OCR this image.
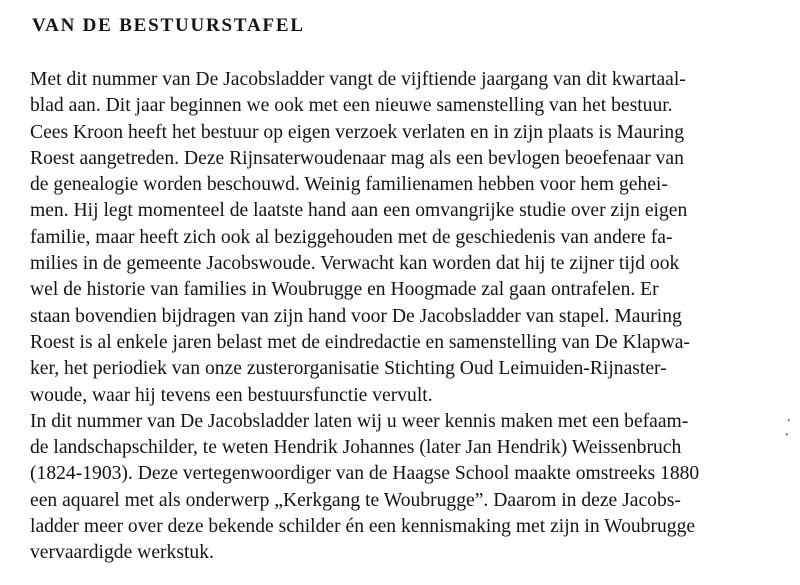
VAN DE BESTUURSTAFEL
Met dit nummer van De Jacobsladder vangt de vijftiende jaargang van dit kwartaal-
blad aan. Dit jaar beginnen we ook met een nieuwe samenstelling van het bestuur.
Cees Kroon heeft het bestuur op eigen verzoek verlaten en in zijn plaats is Mauring
Roest aangetreden. Deze Rijnsaterwoudenaar mag als een bevlogen beoefenaar van
de genealogie worden beschouwd. Weinig familienamen hebben voor hem gehei-
men. Hij legt momenteel de laatste hand aan een omvangrijke studie over zijn eigen
familie, maar heeft zich ook al beziggehouden met de geschiedenis van andere fa-
milies in de gemeente Jacobswoude. Verwacht kan worden dat hij te zijner tijd ook
wel de historie van families in Woubrugge en Hoogmade zal gaan ontrafelen. Er
staan bovendien bijdragen van zijn hand voor De Jacobsladder van stapel. Mauring
Roest is al enkele jaren belast met de eindredactie en samenstelling van De Klapwa-
ker, het periodiek van onze zusterorganisatie Stichting Oud Leimuiden-Rijnaster-
woude, waar hij tevens een bestuursfunctie vervult.
In dit nummer van De Jacobsladder laten wij u weer kennis maken met een befaam-
de landschapschilder, te weten Hendrik Johannes (later Jan Hendrik) Weissenbruch
(1824-1903). Deze vertegenwoordiger van de Haagse School maakte omstreeks 1880
een aquarel met als onderwerp „Kerkgang te Woubrugge”. Daarom in deze Jacobs-
ladder meer over deze bekende schilder én een kennismaking met zijn in Woubrugge
vervaardigde werkstuk.
•
•
